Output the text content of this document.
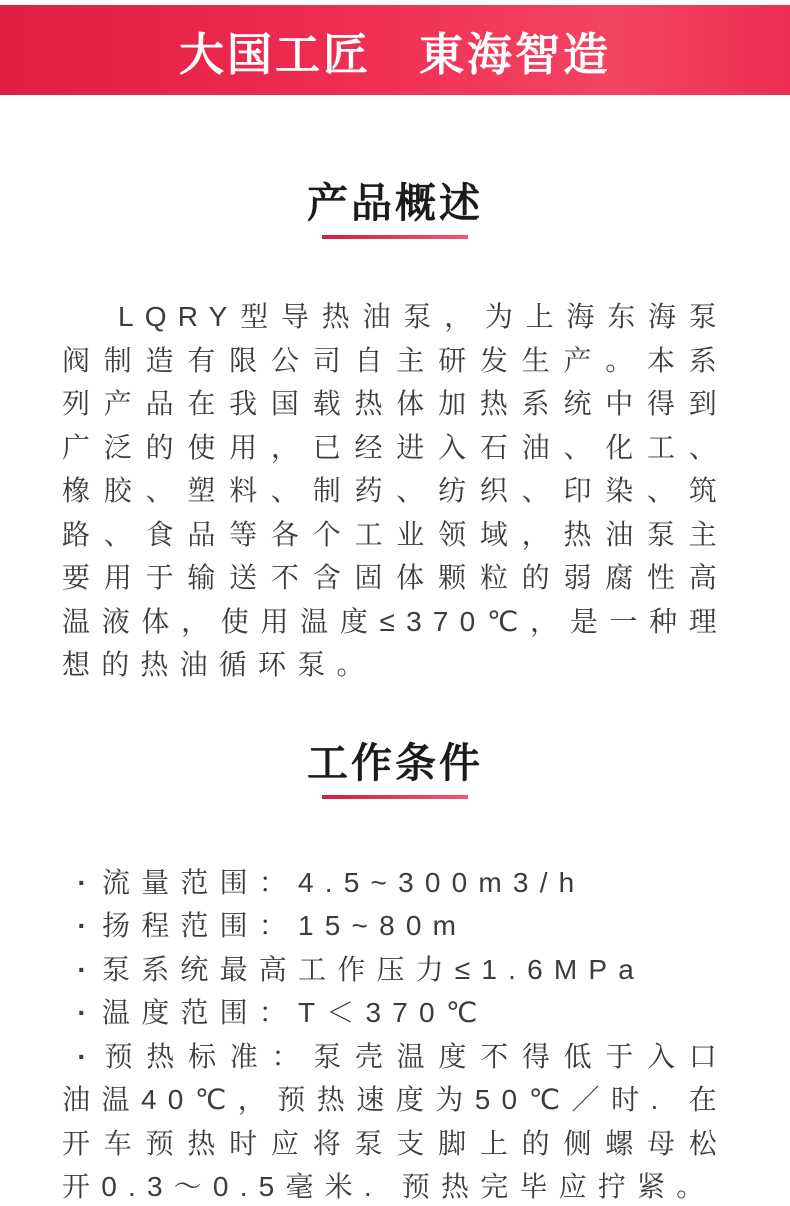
大国工匠　東海智造
产品概述

LQRY型导热油泵，为上海东海泵阀制造有限公司自主研发生产。本系列产品在我国载热体加热系统中得到广泛的使用，已经进入石油、化工、橡胶、塑料、制药、纺织、印染、筑路、食品等各个工业领域，热油泵主要用于输送不含固体颗粒的弱腐性高温液体，使用温度≤370℃，是一种理想的热油循环泵。

工作条件

· 流量范围：4.5~300m3/h

· 扬程范围：15~80m

· 泵系统最高工作压力≤1.6MPa

· 温度范围：T＜370℃

· 预热标准：泵壳温度不得低于入口油温40℃，预热速度为50℃／时. 在开车预热时应将泵支脚上的侧螺母松开0.3～0.5毫米. 预热完毕应拧紧。
